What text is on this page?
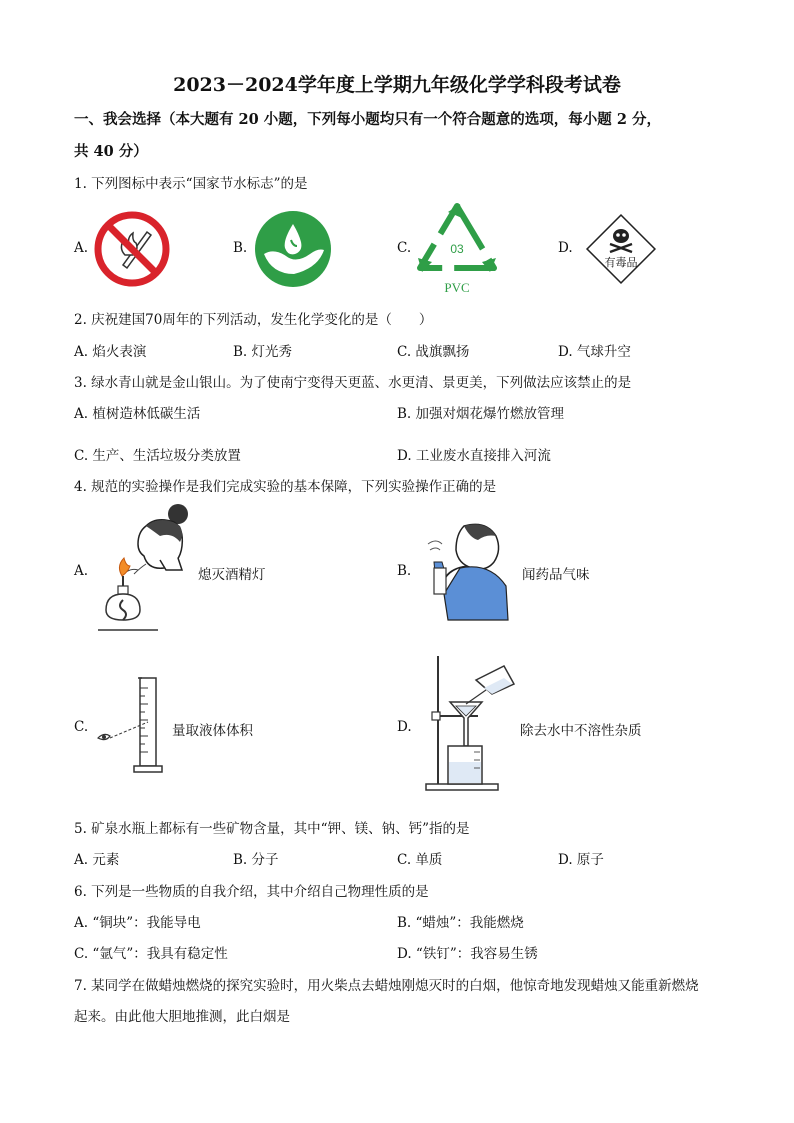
2023－2024学年度上学期九年级化学学科段考试卷
一、我会选择（本大题有 20 小题，下列每小题均只有一个符合题意的选项，每小题 2 分，
共 40 分）
1. 下列图标中表示“国家节水标志”的是
A.	B.	C.	D.
03
PVC
有毒品
2. 庆祝建国70周年的下列活动，发生化学变化的是（　　）
A. 焰火表演	B. 灯光秀	C. 战旗飘扬	D. 气球升空
3. 绿水青山就是金山银山。为了使南宁变得天更蓝、水更清、景更美，下列做法应该禁止的是
A. 植树造林低碳生活	B. 加强对烟花爆竹燃放管理
C. 生产、生活垃圾分类放置	D. 工业废水直接排入河流
4. 规范的实验操作是我们完成实验的基本保障，下列实验操作正确的是
A.	熄灭酒精灯	B.	闻药品气味
C.	量取液体体积	D.	除去水中不溶性杂质
5. 矿泉水瓶上都标有一些矿物含量，其中“钾、镁、钠、钙”指的是
A. 元素	B. 分子	C. 单质	D. 原子
6. 下列是一些物质的自我介绍，其中介绍自己物理性质的是
A. “铜块”：我能导电	B. “蜡烛”：我能燃烧
C. “氩气”：我具有稳定性	D. “铁钉”：我容易生锈
7. 某同学在做蜡烛燃烧的探究实验时，用火柴点去蜡烛刚熄灭时的白烟，他惊奇地发现蜡烛又能重新燃烧
起来。由此他大胆地推测，此白烟是
